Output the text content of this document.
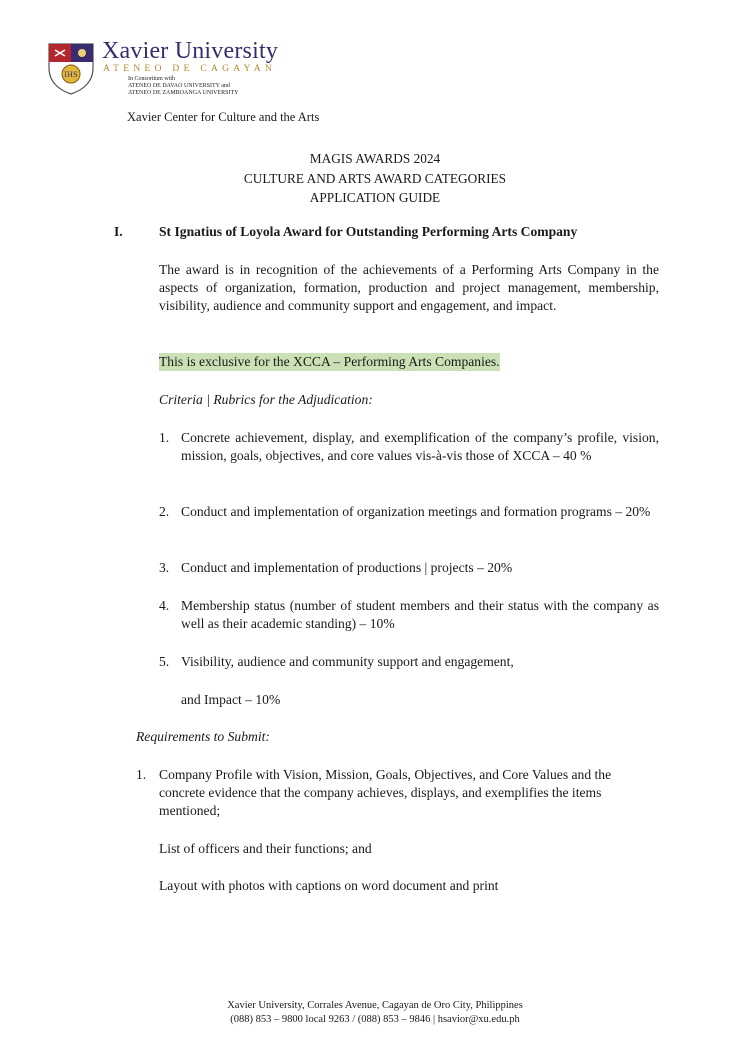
IHS
Xavier University
ATENEO DE CAGAYAN
In Consortium with
ATENEO DE DAVAO UNIVERSITY and
ATENEO DE ZAMBOANGA UNIVERSITY
Xavier Center for Culture and the Arts
MAGIS AWARDS 2024
CULTURE AND ARTS AWARD CATEGORIES
APPLICATION GUIDE
I.	St Ignatius of Loyola Award for Outstanding Performing Arts Company
The award is in recognition of the achievements of a Performing Arts Company in the aspects of organization, formation, production and project management, membership, visibility, audience and community support and engagement, and impact.
This is exclusive for the XCCA – Performing Arts Companies.
Criteria | Rubrics for the Adjudication:
1. Concrete achievement, display, and exemplification of the company’s profile, vision, mission, goals, objectives, and core values vis-à-vis those of XCCA – 40 %
2. Conduct and implementation of organization meetings and formation programs – 20%
3. Conduct and implementation of productions | projects – 20%
4. Membership status (number of student members and their status with the company as well as their academic standing) – 10%
5. Visibility, audience and community support and engagement,
and Impact – 10%
Requirements to Submit:
1. Company Profile with Vision, Mission, Goals, Objectives, and Core Values and the concrete evidence that the company achieves, displays, and exemplifies the items mentioned;
List of officers and their functions; and
Layout with photos with captions on word document and print
Xavier University, Corrales Avenue, Cagayan de Oro City, Philippines
(088) 853 – 9800 local 9263 / (088) 853 – 9846 | hsavior@xu.edu.ph
